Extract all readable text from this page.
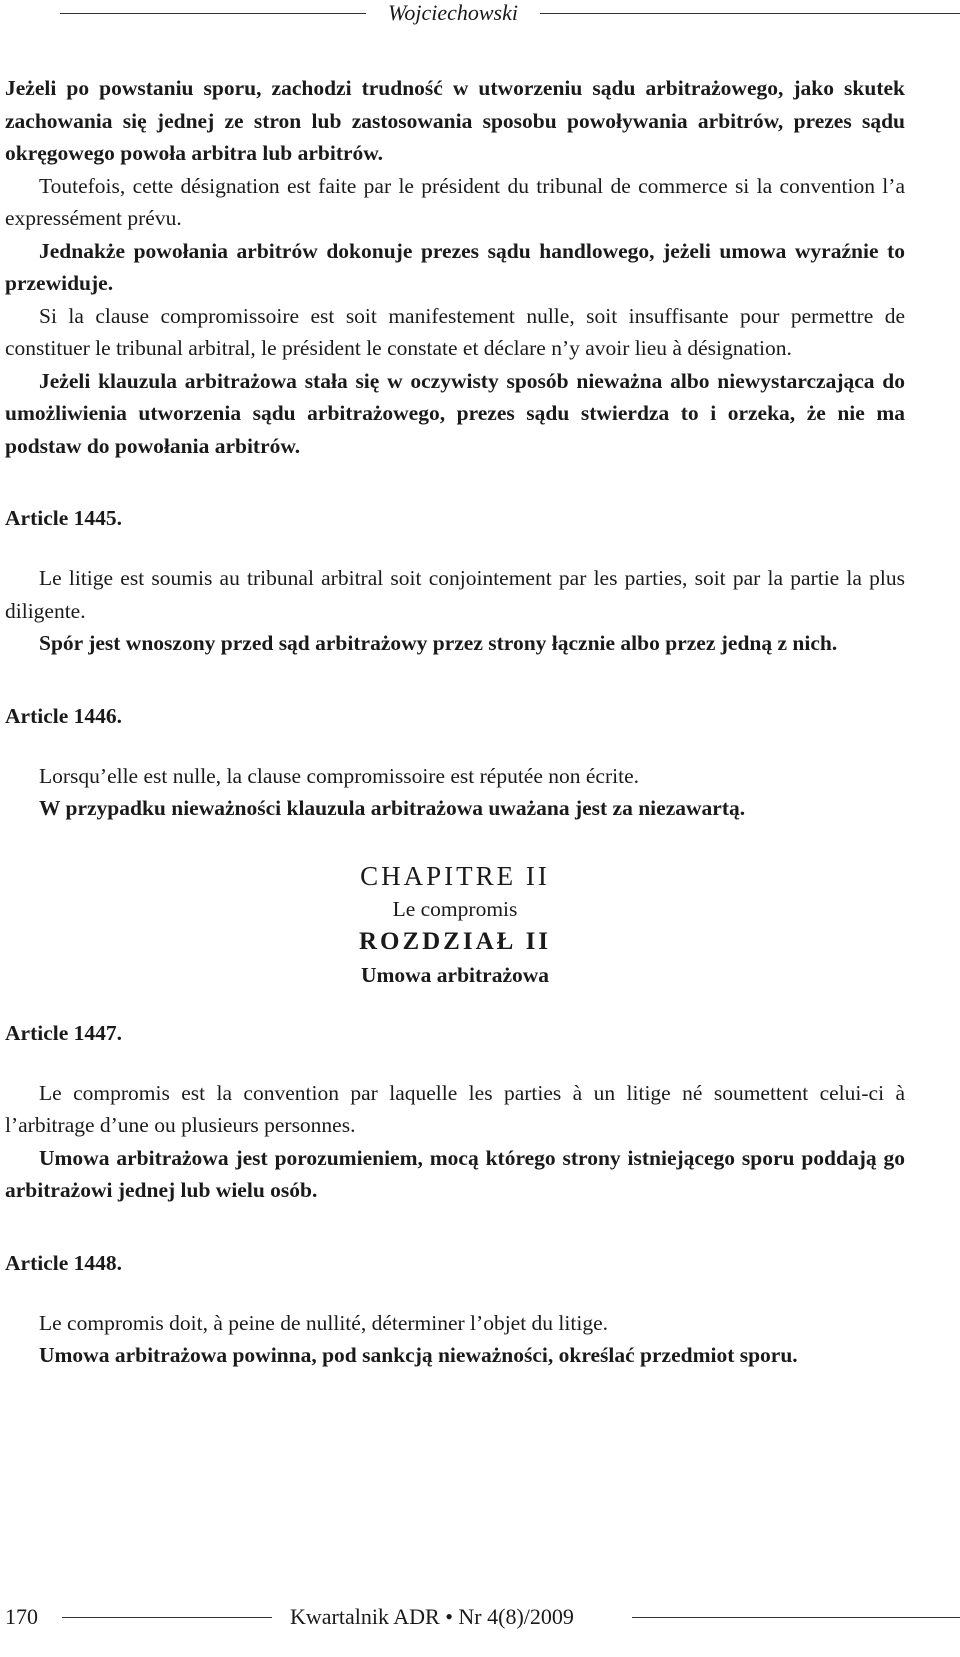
Wojciechowski

Jeżeli po powstaniu sporu, zachodzi trudność w utworzeniu sądu arbitrażowego, jako skutek zachowania się jednej ze stron lub zastosowania sposobu powoływania arbitrów, prezes sądu okręgowego powoła arbitra lub arbitrów.

Toutefois, cette désignation est faite par le président du tribunal de commerce si la convention l’a expressément prévu.

Jednakże powołania arbitrów dokonuje prezes sądu handlowego, jeżeli umowa wyraźnie to przewiduje.

Si la clause compromissoire est soit manifestement nulle, soit insuffisante pour permettre de constituer le tribunal arbitral, le président le constate et déclare n’y avoir lieu à désignation.

Jeżeli klauzula arbitrażowa stała się w oczywisty sposób nieważna albo niewystarczająca do umożliwienia utworzenia sądu arbitrażowego, prezes sądu stwierdza to i orzeka, że nie ma podstaw do powołania arbitrów.

Article 1445.

Le litige est soumis au tribunal arbitral soit conjointement par les parties, soit par la partie la plus diligente.

Spór jest wnoszony przed sąd arbitrażowy przez strony łącznie albo przez jedną z nich.

Article 1446.

Lorsqu’elle est nulle, la clause compromissoire est réputée non écrite.

W przypadku nieważności klauzula arbitrażowa uważana jest za niezawartą.

CHAPITRE II
Le compromis
ROZDZIAŁ II
Umowa arbitrażowa

Article 1447.

Le compromis est la convention par laquelle les parties à un litige né soumettent celui-ci à l’arbitrage d’une ou plusieurs personnes.

Umowa arbitrażowa jest porozumieniem, mocą którego strony istniejącego sporu poddają go arbitrażowi jednej lub wielu osób.

Article 1448.

Le compromis doit, à peine de nullité, déterminer l’objet du litige.

Umowa arbitrażowa powinna, pod sankcją nieważności, określać przedmiot sporu.

170	Kwartalnik ADR • Nr 4(8)/2009
